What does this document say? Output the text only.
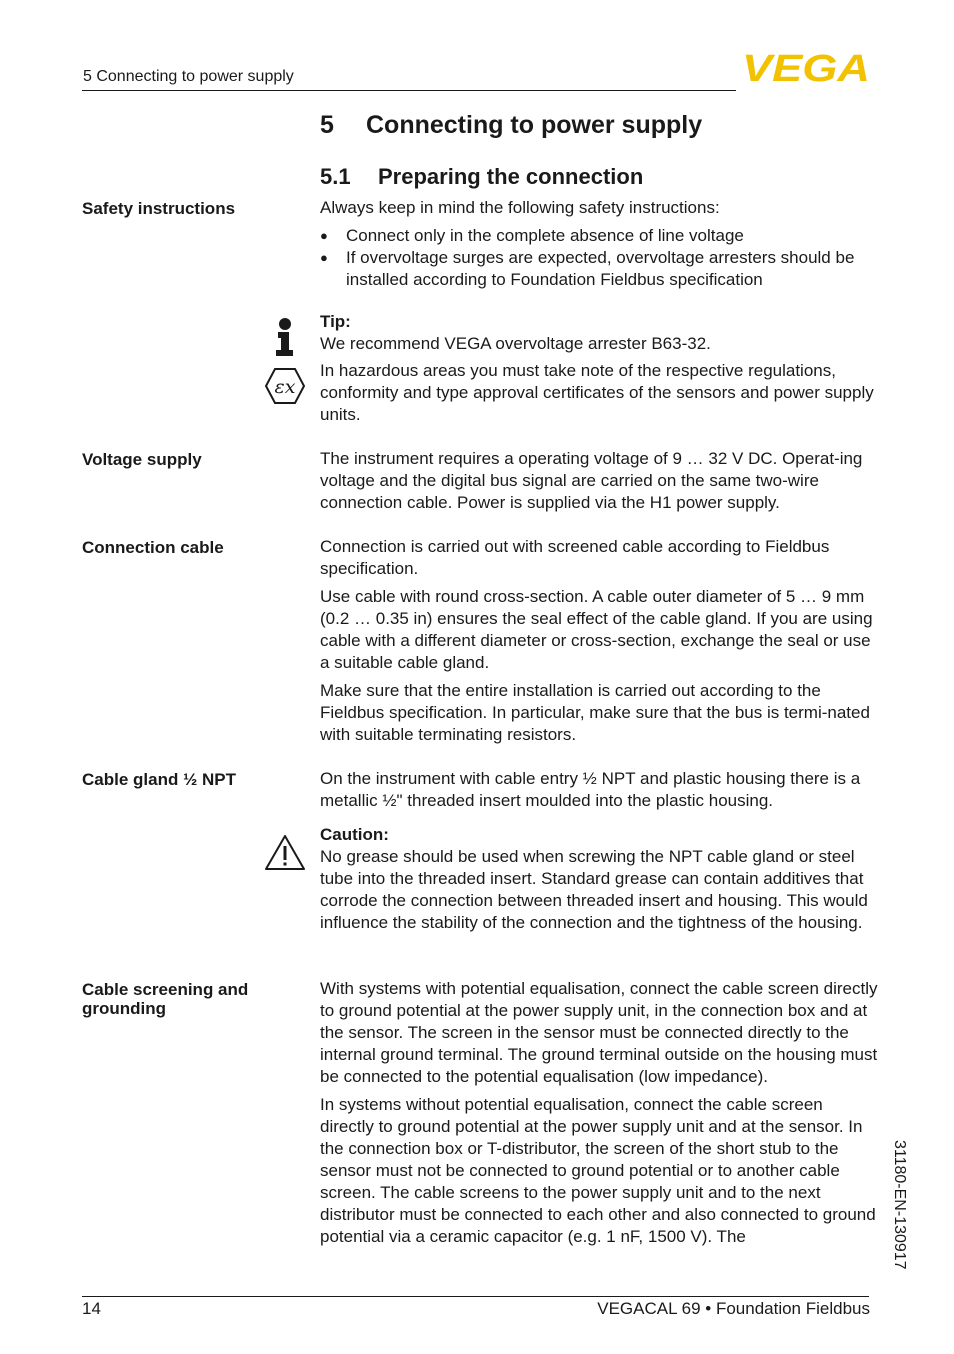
5 Connecting to power supply	VEGA
5 Connecting to power supply
5.1 Preparing the connection
Safety instructions	Always keep in mind the following safety instructions:

● Connect only in the complete absence of line voltage
● If overvoltage surges are expected, overvoltage arresters should be installed according to Foundation Fieldbus specification

Tip:

We recommend VEGA overvoltage arrester B63-32.

εx
In hazardous areas you must take note of the respective regulations, conformity and type approval certificates of the sensors and power supply units.
Voltage supply	The instrument requires a operating voltage of 9 … 32 V DC. Operat-ing voltage and the digital bus signal are carried on the same two-wire connection cable. Power is supplied via the H1 power supply.
Connection cable	Connection is carried out with screened cable according to Fieldbus specification.

Use cable with round cross-section. A cable outer diameter of 5 … 9 mm (0.2 … 0.35 in) ensures the seal effect of the cable gland. If you are using cable with a different diameter or cross-section, exchange the seal or use a suitable cable gland.

Make sure that the entire installation is carried out according to the Fieldbus specification. In particular, make sure that the bus is termi-nated with suitable terminating resistors.

Cable gland ½ NPT	On the instrument with cable entry ½ NPT and plastic housing there is a metallic ½" threaded insert moulded into the plastic housing.

Caution:

No grease should be used when screwing the NPT cable gland or steel tube into the threaded insert. Standard grease can contain additives that corrode the connection between threaded insert and housing. This would influence the stability of the connection and the tightness of the housing.

Cable screening and grounding

With systems with potential equalisation, connect the cable screen directly to ground potential at the power supply unit, in the connection box and at the sensor. The screen in the sensor must be connected directly to the internal ground terminal. The ground terminal outside on the housing must be connected to the potential equalisation (low impedance).

In systems without potential equalisation, connect the cable screen directly to ground potential at the power supply unit and at the sensor. In the connection box or T-distributor, the screen of the short stub to the sensor must not be connected to ground potential or to another cable screen. The cable screens to the power supply unit and to the next distributor must be connected to each other and also connected to ground potential via a ceramic capacitor (e.g. 1 nF, 1500 V). The	31180-EN-130917
14	VEGACAL 69 • Foundation Fieldbus
